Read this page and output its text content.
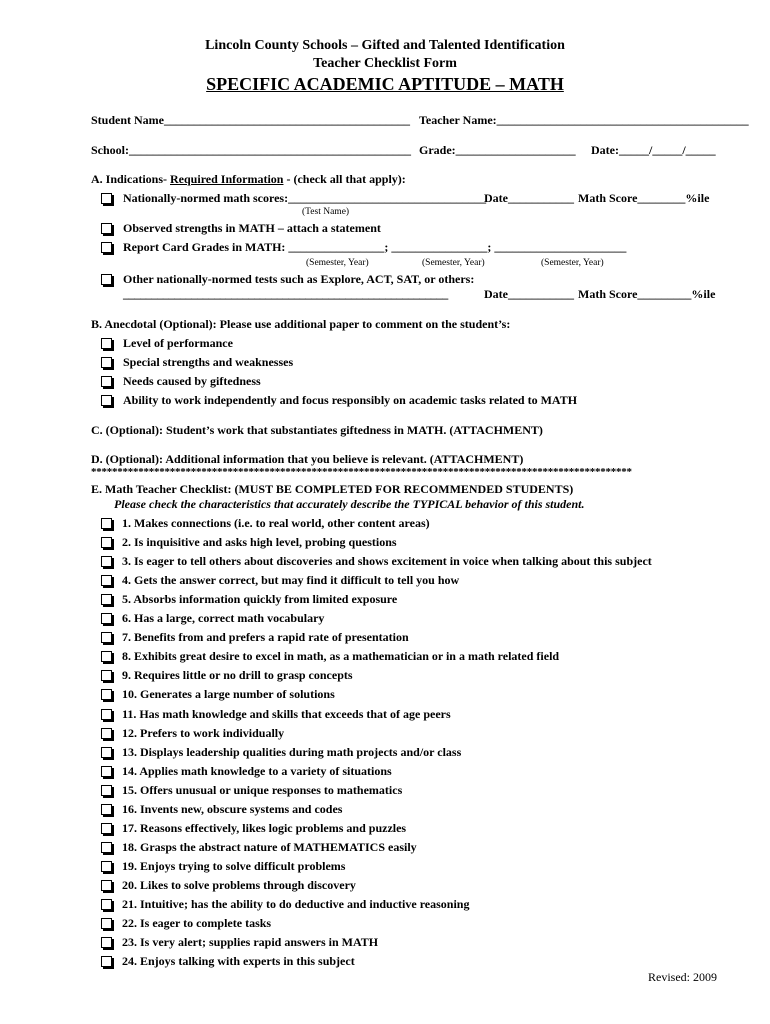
Lincoln County Schools – Gifted and Talented Identification
Teacher Checklist Form
SPECIFIC ACADEMIC APTITUDE – MATH
Student Name_________________________________________ Teacher Name:__________________________________________
School:_______________________________________________ Grade:____________________ Date:_____/_____/_____
A. Indications- Required Information - (check all that apply):
Nationally-normed math scores:_________________________________
Date___________ Math Score________%ile
(Test Name)
Observed strengths in MATH – attach a statement
Report Card Grades in MATH: ________________; ________________; ______________________
(Semester, Year)	(Semester, Year)	(Semester, Year)
Other nationally-normed tests such as Explore, ACT, SAT, or others:
_________________________________________________________	Date___________ Math Score_________%ile
B. Anecdotal (Optional): Please use additional paper to comment on the student’s:
Level of performance
Special strengths and weaknesses
Needs caused by giftedness
Ability to work independently and focus responsibly on academic tasks related to MATH
C. (Optional): Student’s work that substantiates giftedness in MATH. (ATTACHMENT)
D. (Optional): Additional information that you believe is relevant. (ATTACHMENT)
*******************************************************************************************************
E. Math Teacher Checklist: (MUST BE COMPLETED FOR RECOMMENDED STUDENTS)
Please check the characteristics that accurately describe the TYPICAL behavior of this student.
1. Makes connections (i.e. to real world, other content areas)
2. Is inquisitive and asks high level, probing questions
3. Is eager to tell others about discoveries and shows excitement in voice when talking about this subject
4. Gets the answer correct, but may find it difficult to tell you how
5. Absorbs information quickly from limited exposure
6. Has a large, correct math vocabulary
7. Benefits from and prefers a rapid rate of presentation
8. Exhibits great desire to excel in math, as a mathematician or in a math related field
9. Requires little or no drill to grasp concepts
10. Generates a large number of solutions
11. Has math knowledge and skills that exceeds that of age peers
12. Prefers to work individually
13. Displays leadership qualities during math projects and/or class
14. Applies math knowledge to a variety of situations
15. Offers unusual or unique responses to mathematics
16. Invents new, obscure systems and codes
17. Reasons effectively, likes logic problems and puzzles
18. Grasps the abstract nature of MATHEMATICS easily
19. Enjoys trying to solve difficult problems
20. Likes to solve problems through discovery
21. Intuitive; has the ability to do deductive and inductive reasoning
22. Is eager to complete tasks
23. Is very alert; supplies rapid answers in MATH
24. Enjoys talking with experts in this subject
Revised: 2009
